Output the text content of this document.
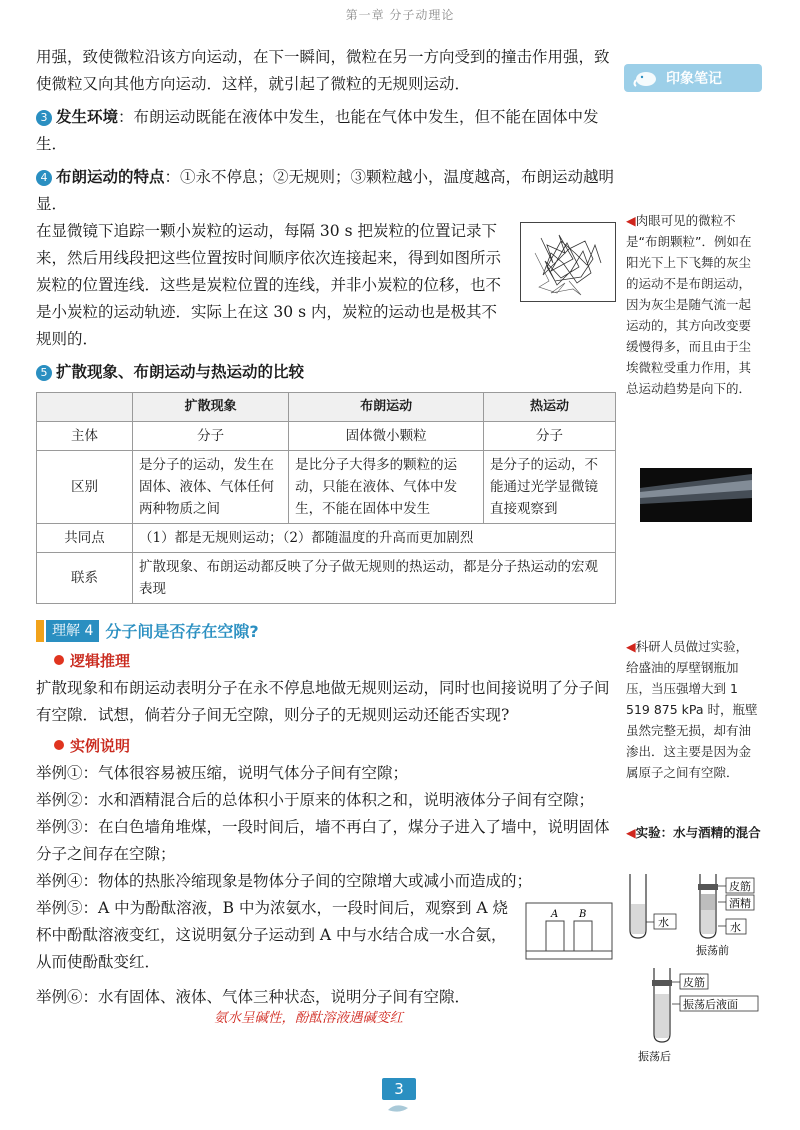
第一章 分子动理论

用强，致使微粒沿该方向运动，在下一瞬间，微粒在另一方向受到的撞击作用强，致使微粒又向其他方向运动．这样，就引起了微粒的无规则运动．

3 发生环境：布朗运动既能在液体中发生，也能在气体中发生，但不能在固体中发生．

4 布朗运动的特点：①永不停息；②无规则；③颗粒越小，温度越高，布朗运动越明显．

在显微镜下追踪一颗小炭粒的运动，每隔 30 s 把炭粒的位置记录下来，然后用线段把这些位置按时间顺序依次连接起来，得到如图所示炭粒的位置连线．这些是炭粒位置的连线，并非小炭粒的位移，也不是小炭粒的运动轨迹．实际上在这 30 s 内，炭粒的运动也是极其不规则的．

5 扩散现象、布朗运动与热运动的比较

	扩散现象	布朗运动	热运动
主体	分子	固体微小颗粒	分子
区别	是分子的运动，发生在固体、液体、气体任何两种物质之间	是比分子大得多的颗粒的运动，只能在液体、气体中发生，不能在固体中发生	是分子的运动，不能通过光学显微镜直接观察到
共同点	（1）都是无规则运动；（2）都随温度的升高而更加剧烈		
联系	扩散现象、布朗运动都反映了分子做无规则的热运动，都是分子热运动的宏观表现		
理解 4 分子间是否存在空隙?
逻辑推理

扩散现象和布朗运动表明分子在永不停息地做无规则运动，同时也间接说明了分子间有空隙．试想，倘若分子间无空隙，则分子的无规则运动还能否实现?

实例说明

举例①：气体很容易被压缩，说明气体分子间有空隙；

举例②：水和酒精混合后的总体积小于原来的体积之和，说明液体分子间有空隙；

举例③：在白色墙角堆煤，一段时间后，墙不再白了，煤分子进入了墙中，说明固体分子之间存在空隙；

举例④：物体的热胀冷缩现象是物体分子间的空隙增大或减小而造成的；

A B

举例⑤：A 中为酚酞溶液，B 中为浓氨水，一段时间后，观察到 A 烧杯中酚酞溶液变红，这说明氨分子运动到 A 中与水结合成一水合氨，从而使酚酞变红．

举例⑥：水有固体、液体、气体三种状态，说明分子间有空隙．

氨水呈碱性，酚酞溶液遇碱变红
印象笔记
◀肉眼可见的微粒不是“布朗颗粒”．例如在阳光下上下飞舞的灰尘的运动不是布朗运动，因为灰尘是随气流一起运动的，其方向改变要缓慢得多，而且由于尘埃微粒受重力作用，其总运动趋势是向下的．
◀科研人员做过实验，给盛油的厚壁钢瓶加压，当压强增大到 1 519 875 kPa 时，瓶壁虽然完整无损，却有油渗出．这主要是因为金属原子之间有空隙．
◀实验：水与酒精的混合
水
皮筋
酒精
水
振荡前
皮筋
振荡后液面
振荡后
3
